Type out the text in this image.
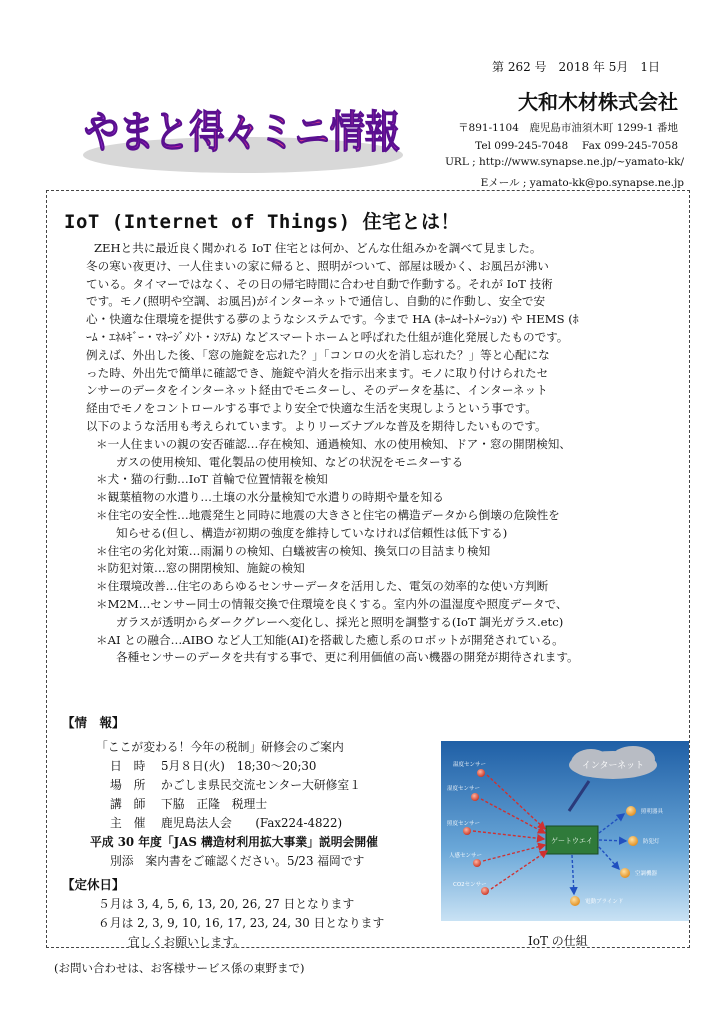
やまと得々ミニ情報
第 262 号　2018 年 5月　1日
大和木材株式会社
〒891-1104　鹿児島市油須木町 1299-1 番地
Tel 099-245-7048　 Fax 099-245-7058
URL ; http://www.synapse.ne.jp/~yamato-kk/
Eメール ; yamato-kk@po.synapse.ne.jp
IoT (Internet of Things) 住宅とは！

ZEHと共に最近良く聞かれる IoT 住宅とは何か、どんな仕組みかを調べて見ました。

冬の寒い夜更け、一人住まいの家に帰ると、照明がついて、部屋は暖かく、お風呂が沸い

ている。タイマーではなく、その日の帰宅時間に合わせ自動で作動する。それが IoT 技術

です。モノ(照明や空調、お風呂)がインターネットで通信し、自動的に作動し、安全で安

心・快適な住環境を提供する夢のようなシステムです。今まで HA (ﾎｰﾑｵｰﾄﾒｰｼｮﾝ) や HEMS (ﾎ

ｰﾑ・ｴﾈﾙｷﾞｰ・ﾏﾈｰｼﾞﾒﾝﾄ・ｼｽﾃﾑ) などスマートホームと呼ばれた仕組が進化発展したものです。

例えば、外出した後、「窓の施錠を忘れた？」「コンロの火を消し忘れた？」等と心配にな

った時、外出先で簡単に確認でき、施錠や消火を指示出来ます。モノに取り付けられたセ

ンサーのデータをインターネット経由でモニターし、そのデータを基に、インターネット

経由でモノをコントロールする事でより安全で快適な生活を実現しようという事です。

以下のような活用も考えられています。よりリーズナブルな普及を期待したいものです。

＊一人住まいの親の安否確認…存在検知、通過検知、水の使用検知、ドア・窓の開閉検知、

ガスの使用検知、電化製品の使用検知、などの状況をモニターする

＊犬・猫の行動…IoT 首輪で位置情報を検知

＊観葉植物の水遣り…土壌の水分量検知で水遣りの時期や量を知る

＊住宅の安全性…地震発生と同時に地震の大きさと住宅の構造データから倒壊の危険性を

知らせる(但し、構造が初期の強度を維持していなければ信頼性は低下する)

＊住宅の劣化対策…雨漏りの検知、白蟻被害の検知、換気口の目詰まり検知

＊防犯対策…窓の開閉検知、施錠の検知

＊住環境改善…住宅のあらゆるセンサーデータを活用した、電気の効率的な使い方判断

＊M2M…センサー同士の情報交換で住環境を良くする。室内外の温湿度や照度データで、

ガラスが透明からダークグレーへ変化し、採光と照明を調整する(IoT 調光ガラス.etc)

＊AI との融合…AIBO など人工知能(AI)を搭載した癒し系のロボットが開発されている。

各種センサーのデータを共有する事で、更に利用価値の高い機器の開発が期待されます。

【情　報】
「ここが変わる！今年の税制」研修会のご案内
日　時　 5月８日(火)　18;30〜20;30
場　所　 かごしま県民交流センター大研修室１
講　師　 下脇　正隆　税理士
主　催　 鹿児島法人会　　(Fax224-4822)
平成 30 年度「JAS 構造材利用拡大事業」説明会開催
別添　案内書をご確認ください。5/23 福岡です
【定休日】
５月は 3, 4, 5, 6, 13, 20, 26, 27 日となります
６月は 2, 3, 9, 10, 16, 17, 23, 24, 30 日となります
宜しくお願いします。
(お問い合わせは、お客様サービス係の東野まで)
インターネット
ゲートウエイ
温度センサー
湿度センサー
照度センサー
人感センサー
CO2センサー
照明器具
防犯灯
空調機器
電動ブラインド
IoT の仕組
